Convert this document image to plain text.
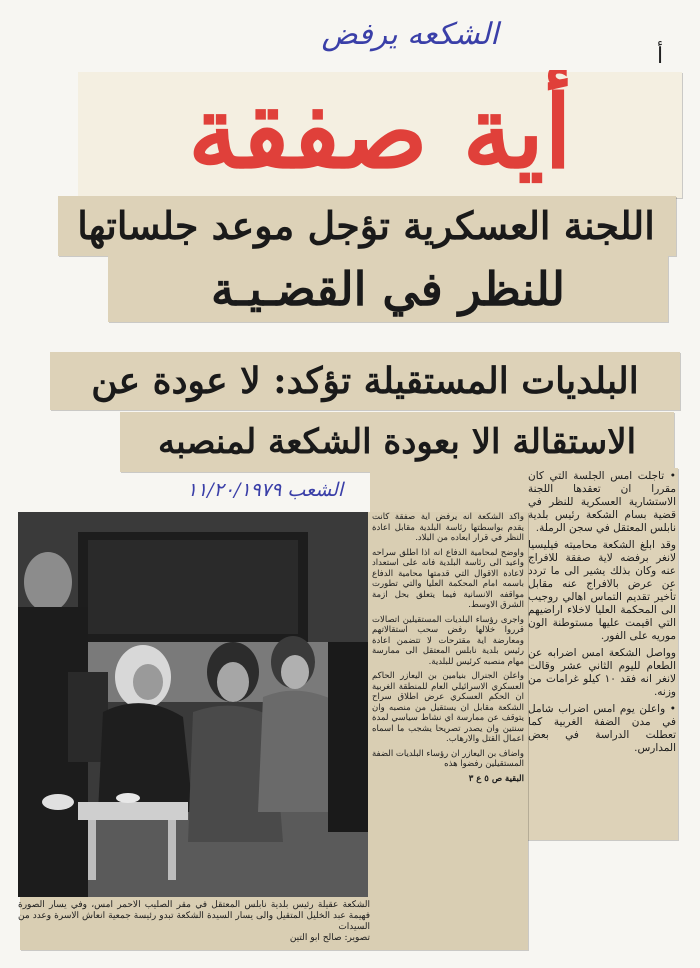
الشكعه يرفض
أ
أية صفقة
اللجنة العسكرية تؤجل موعد جلساتها
للنظر في القضـيـة
البلديات المستقيلة تؤكد: لا عودة عن
الاستقالة الا بعودة الشكعة لمنصبه
الشعب ١١/٢٠/١٩٧٩

• تأجلت امس الجلسة التي كان مقررا ان تعقدها اللجنة الاستشارية العسكرية للنظر في قضية بسام الشكعة رئيس بلدية نابلس المعتقل في سجن الرملة.

وقد ابلغ الشكعة محاميته فيليسيا لانغر برفضه لاية صفقة للافراج عنه وكان بذلك يشير الى ما تردد عن عرض بالافراج عنه مقابل تأخير تقديم التماس اهالي روجيب الى المحكمة العليا لاخلاء اراضيهم التي اقيمت عليها مستوطنة الون موريه على الفور.

وواصل الشكعة امس اضرابه عن الطعام لليوم الثاني عشر وقالت لانغر انه فقد ١٠ كيلو غرامات من وزنه.

• واعلن يوم امس اضراب شامل في مدن الضفة الغربية كما تعطلت الدراسة في بعض المدارس.

واكد الشكعة انه يرفض اية صفقة كانت يقدم بواسطتها رئاسة البلدية مقابل اعادة النظر في قرار ابعاده من البلاد.

واوضح لمحامية الدفاع انه اذا اطلق سراحه واعيد الى رئاسة البلدية فانه على استعداد لاعادة الاقوال التي قدمتها محامية الدفاع باسمه امام المحكمة العليا والتي تطورت مواقفه الانسانية فيما يتعلق بحل ازمة الشرق الاوسط.

واجرى رؤساء البلديات المستقيلين اتصالات قرروا خلالها رفض سحب استقالاتهم ومعارضة اية مقترحات لا تتضمن اعادة رئيس بلدية نابلس المعتقل الى ممارسة مهام منصبه كرئيس للبلدية.

واعلن الجنرال بنيامين بن اليعازر الحاكم العسكري الاسرائيلي العام للمنطقة الغربية ان الحكم العسكري عرض اطلاق سراح الشكعة مقابل ان يستقيل من منصبه وان يتوقف عن ممارسة اي نشاط سياسي لمدة سنتين وان يصدر تصريحا يشجب ما اسماه اعمال القتل والارهاب.

واضاف بن اليعازر ان رؤساء البلديات الضفة المستقيلين رفضوا هذه

البقية ص ٥ ع ٣

الشكعة عقيلة رئيس بلدية نابلس المعتقل في مقر الصليب الاحمر امس، وفي يسار الصورة فهيمة عبد الخليل المتقيل والى يسار السيدة الشكعة تبدو رئيسة جمعية انعاش الاسرة وعدد من السيدات
تصوير: صالح ابو التين
